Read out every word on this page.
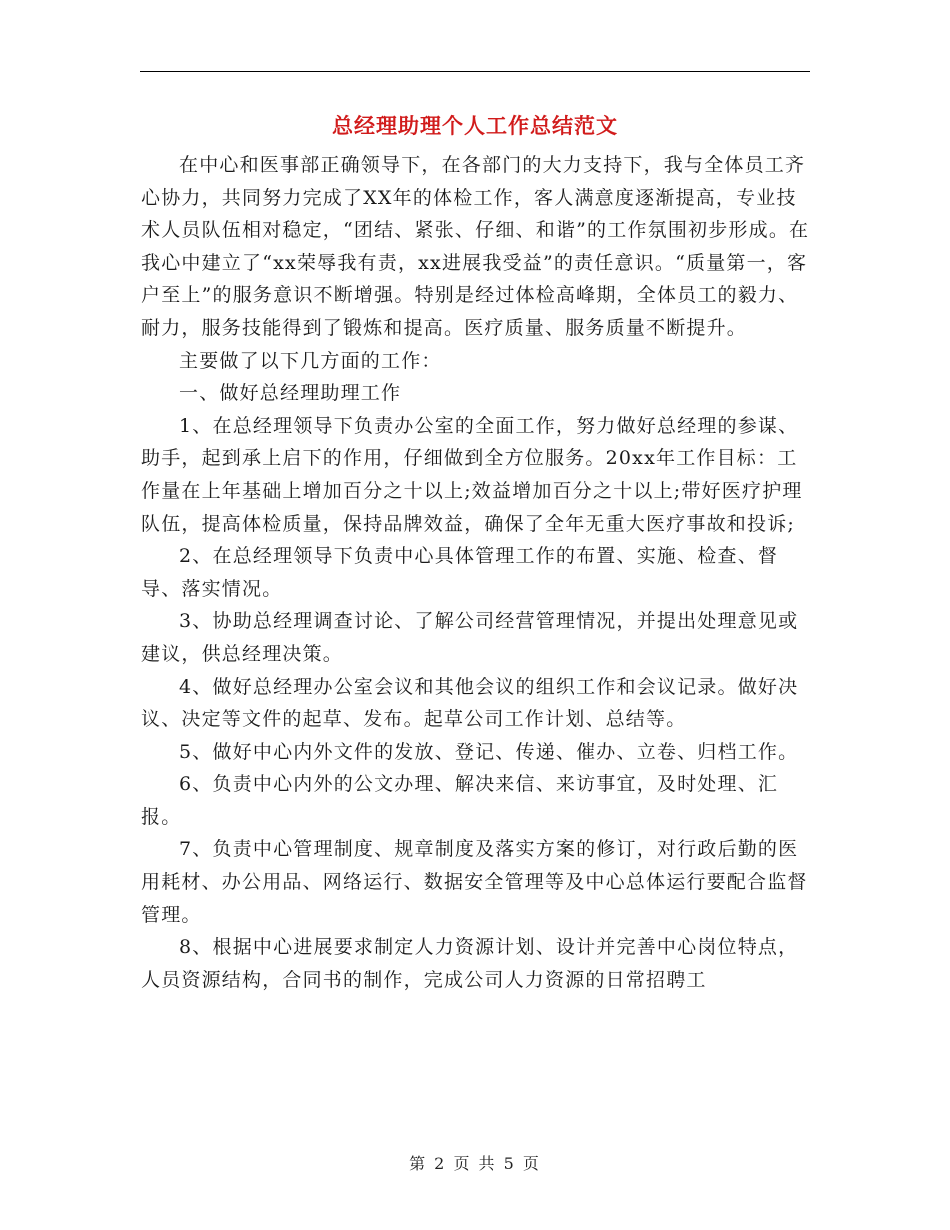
总经理助理个人工作总结范文

在中心和医事部正确领导下，在各部门的大力支持下，我与全体员工齐心协力，共同努力完成了XX年的体检工作，客人满意度逐渐提高，专业技术人员队伍相对稳定，“团结、紧张、仔细、和谐”的工作氛围初步形成。在我心中建立了“xx荣辱我有责，xx进展我受益”的责任意识。“质量第一，客户至上”的服务意识不断增强。特别是经过体检高峰期，全体员工的毅力、耐力，服务技能得到了锻炼和提高。医疗质量、服务质量不断提升。

主要做了以下几方面的工作：

一、做好总经理助理工作

1、在总经理领导下负责办公室的全面工作，努力做好总经理的参谋、助手，起到承上启下的作用，仔细做到全方位服务。20xx年工作目标：工作量在上年基础上增加百分之十以上;效益增加百分之十以上;带好医疗护理队伍，提高体检质量，保持品牌效益，确保了全年无重大医疗事故和投诉;

2、在总经理领导下负责中心具体管理工作的布置、实施、检查、督导、落实情况。

3、协助总经理调查讨论、了解公司经营管理情况，并提出处理意见或建议，供总经理决策。

4、做好总经理办公室会议和其他会议的组织工作和会议记录。做好决议、决定等文件的起草、发布。起草公司工作计划、总结等。

5、做好中心内外文件的发放、登记、传递、催办、立卷、归档工作。

6、负责中心内外的公文办理、解决来信、来访事宜，及时处理、汇报。

7、负责中心管理制度、规章制度及落实方案的修订，对行政后勤的医用耗材、办公用品、网络运行、数据安全管理等及中心总体运行要配合监督管理。

8、根据中心进展要求制定人力资源计划、设计并完善中心岗位特点，人员资源结构，合同书的制作，完成公司人力资源的日常招聘工

第 2 页 共 5 页
